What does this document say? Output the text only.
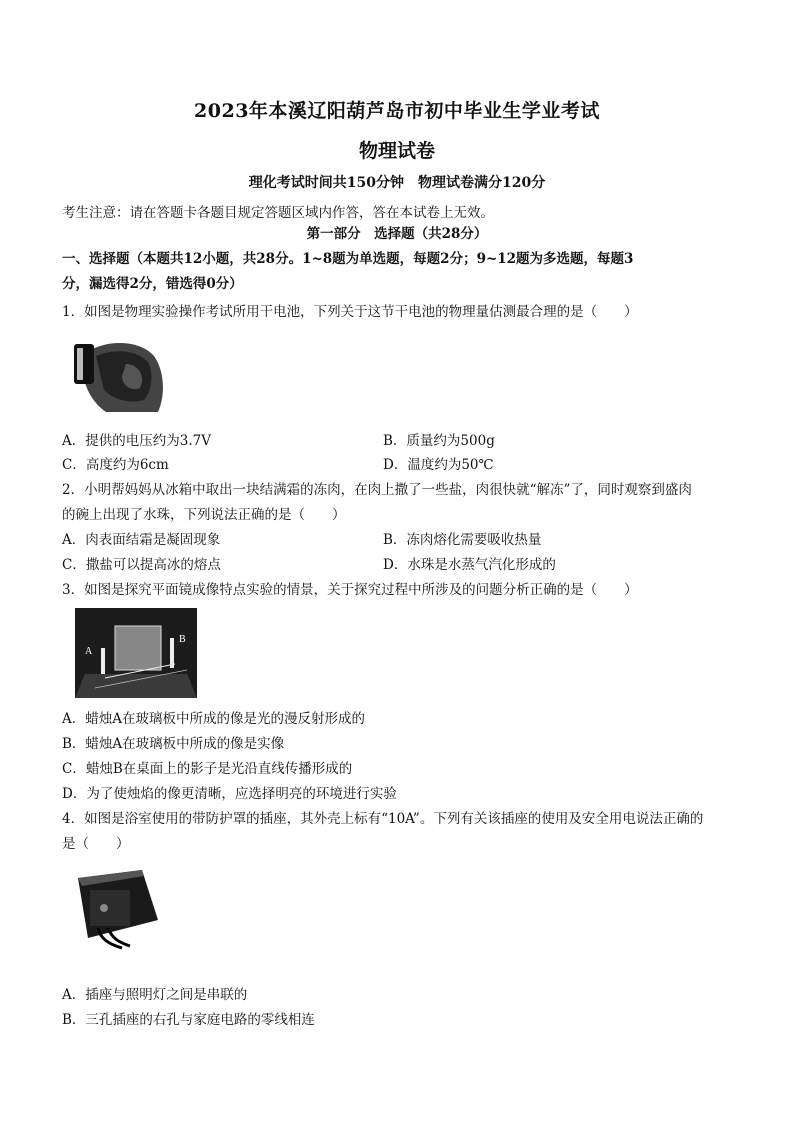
2023年本溪辽阳葫芦岛市初中毕业生学业考试
物理试卷
理化考试时间共150分钟　物理试卷满分120分
考生注意：请在答题卡各题目规定答题区域内作答，答在本试卷上无效。
第一部分　选择题（共28分）
一、选择题（本题共12小题，共28分。1~8题为单选题，每题2分；9~12题为多选题，每题3
分，漏选得2分，错选得0分）
1．如图是物理实验操作考试所用干电池，下列关于这节干电池的物理量估测最合理的是（　　）
A．提供的电压约为3.7V	B．质量约为500g
C．高度约为6cm	D．温度约为50℃
2．小明帮妈妈从冰箱中取出一块结满霜的冻肉，在肉上撒了一些盐，肉很快就“解冻”了，同时观察到盛肉
的碗上出现了水珠，下列说法正确的是（　　）
A．肉表面结霜是凝固现象	B．冻肉熔化需要吸收热量
C．撒盐可以提高冰的熔点	D．水珠是水蒸气汽化形成的
3．如图是探究平面镜成像特点实验的情景，关于探究过程中所涉及的问题分析正确的是（　　）
A
B
A．蜡烛A在玻璃板中所成的像是光的漫反射形成的
B．蜡烛A在玻璃板中所成的像是实像
C．蜡烛B在桌面上的影子是光沿直线传播形成的
D．为了使烛焰的像更清晰，应选择明亮的环境进行实验
4．如图是浴室使用的带防护罩的插座，其外壳上标有“10A”。下列有关该插座的使用及安全用电说法正确的
是（　　）
A．插座与照明灯之间是串联的
B．三孔插座的右孔与家庭电路的零线相连
